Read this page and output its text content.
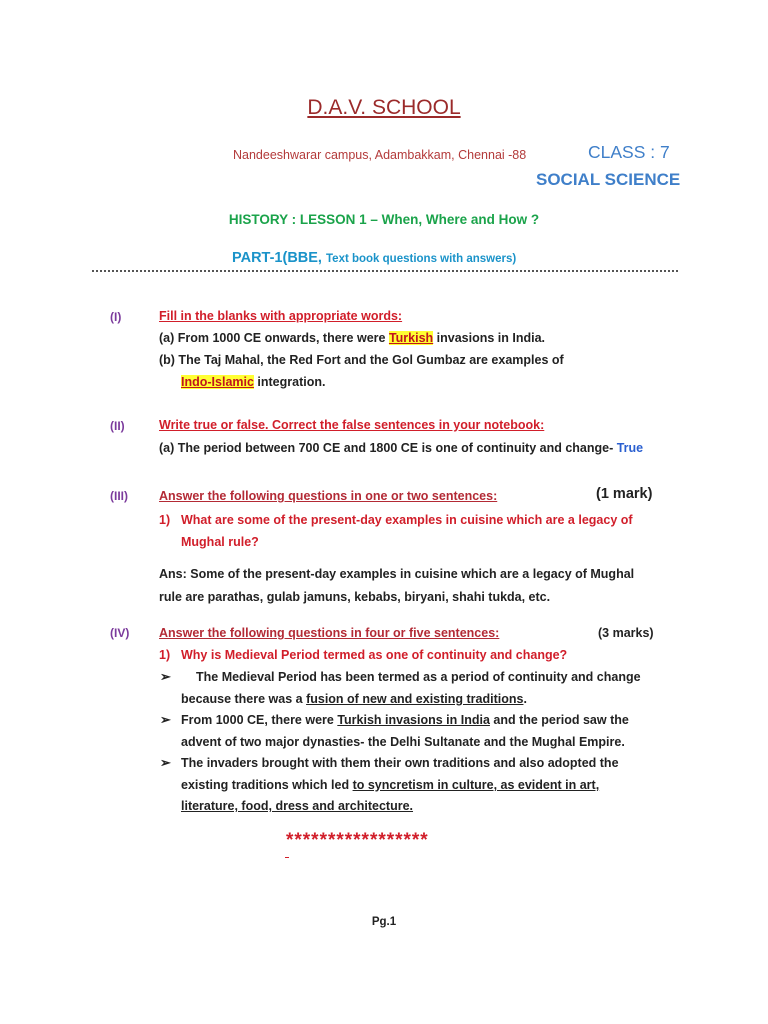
D.A.V. SCHOOL
Nandeeshwarar campus, Adambakkam, Chennai -88	CLASS : 7
SOCIAL SCIENCE
HISTORY : LESSON 1 – When, Where and How ?
PART-1(BBE, Text book questions with answers)
(I)	Fill in the blanks with appropriate words:
(a) From 1000 CE onwards, there were Turkish invasions in India.
(b) The Taj Mahal, the Red Fort and the Gol Gumbaz are examples of
Indo-Islamic integration.
(II)	Write true or false. Correct the false sentences in your notebook:
(a) The period between 700 CE and 1800 CE is one of continuity and change- True
(III) Answer the following questions in one or two sentences:	(1 mark)
1) What are some of the present-day examples in cuisine which are a legacy of
Mughal rule?
Ans: Some of the present-day examples in cuisine which are a legacy of Mughal
rule are parathas, gulab jamuns, kebabs, biryani, shahi tukda, etc.
(IV) Answer the following questions in four or five sentences:	(3 marks)
1) Why is Medieval Period termed as one of continuity and change?
➢ The Medieval Period has been termed as a period of continuity and change
because there was a fusion of new and existing traditions.
➢ From 1000 CE, there were Turkish invasions in India and the period saw the
advent of two major dynasties- the Delhi Sultanate and the Mughal Empire.
➢ The invaders brought with them their own traditions and also adopted the
existing traditions which led to syncretism in culture, as evident in art,
literature, food, dress and architecture.
*****************
Pg.1
